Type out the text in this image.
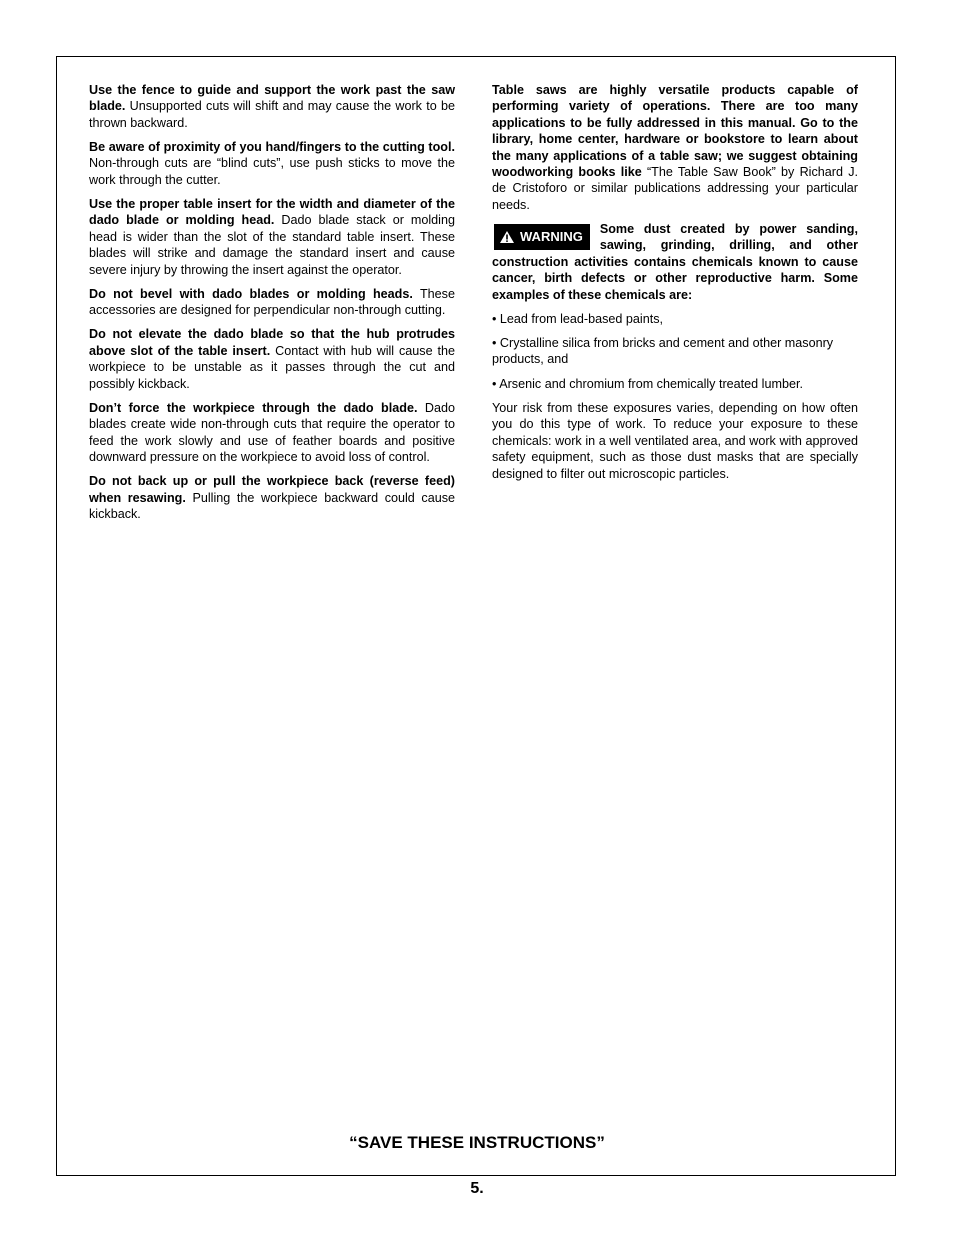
Use the fence to guide and support the work past the saw blade. Unsupported cuts will shift and may cause the work to be thrown backward.

Be aware of proximity of you hand/fingers to the cutting tool. Non-through cuts are “blind cuts”, use push sticks to move the work through the cutter.

Use the proper table insert for the width and diameter of the dado blade or molding head. Dado blade stack or molding head is wider than the slot of the standard table insert. These blades will strike and damage the standard insert and cause severe injury by throwing the insert against the operator.

Do not bevel with dado blades or molding heads. These accessories are designed for perpendicular non-through cutting.

Do not elevate the dado blade so that the hub protrudes above slot of the table insert. Contact with hub will cause the workpiece to be unstable as it passes through the cut and possibly kickback.

Don’t force the workpiece through the dado blade. Dado blades create wide non-through cuts that require the operator to feed the work slowly and use of feather boards and positive downward pressure on the workpiece to avoid loss of control.

Do not back up or pull the workpiece back (reverse feed) when resawing. Pulling the workpiece backward could cause kickback.

Table saws are highly versatile products capable of performing variety of operations. There are too many applications to be fully addressed in this manual. Go to the library, home center, hardware or bookstore to learn about the many applications of a table saw; we suggest obtaining woodworking books like “The Table Saw Book” by Richard J. de Cristoforo or similar publications addressing your particular needs.

WARNING Some dust created by power sanding, sawing, grinding, drilling, and other construction activities contains chemicals known to cause cancer, birth defects or other reproductive harm. Some examples of these chemicals are:

• Lead from lead-based paints,

• Crystalline silica from bricks and cement and other masonry products, and

• Arsenic and chromium from chemically treated lumber.

Your risk from these exposures varies, depending on how often you do this type of work. To reduce your exposure to these chemicals: work in a well ventilated area, and work with approved safety equipment, such as those dust masks that are specially designed to filter out microscopic particles.

“SAVE THESE INSTRUCTIONS”
5.
